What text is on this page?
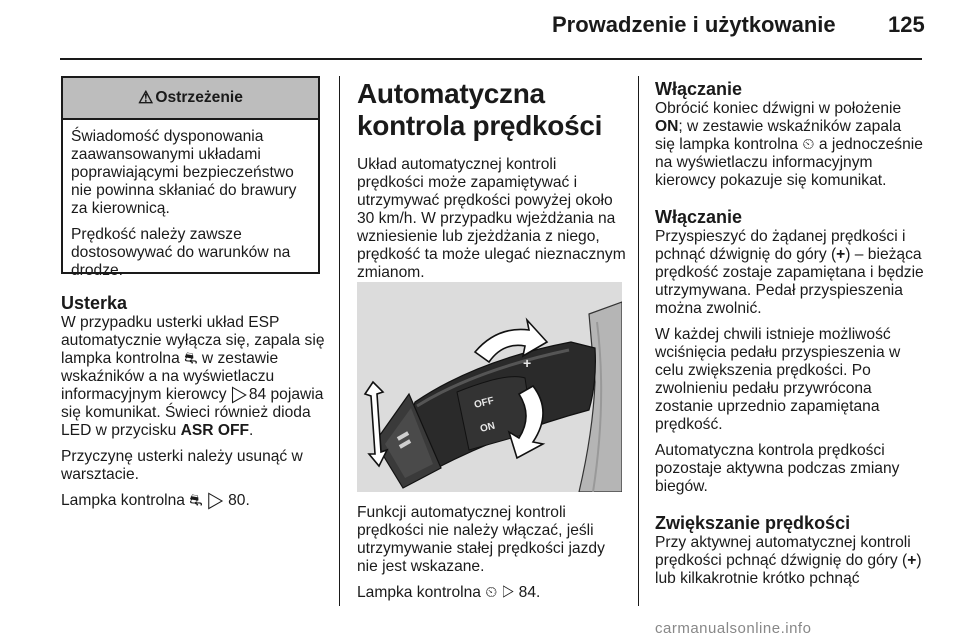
Prowadzenie i użytkowanie 125
⚠ Ostrzeżenie

Świadomość dysponowania zaawansowanymi układami poprawiającymi bezpieczeństwo nie powinna skłaniać do brawury za kierownicą.

Prędkość należy zawsze dostosowywać do warunków na drodze.

Usterka

W przypadku usterki układ ESP automatycznie wyłącza się, zapala się lampka kontrolna ⛐ w zestawie wskaźników a na wyświetlaczu informacyjnym kierowcy ▷ 84 pojawia się komunikat. Świeci również dioda LED w przycisku ASR OFF.

Przyczynę usterki należy usunąć w warsztacie.

Lampka kontrolna ⛐ ▷ 80.

Automatyczna kontrola prędkości

Układ automatycznej kontroli prędkości może zapamiętywać i utrzymywać prędkości powyżej około 30 km/h. W przypadku wjeżdżania na wzniesienie lub zjeżdżania z niego, prędkość ta może ulegać nieznacznym zmianom.

OFF
ON
+

Funkcji automatycznej kontroli prędkości nie należy włączać, jeśli utrzymywanie stałej prędkości jazdy nie jest wskazane.

Lampka kontrolna ⏲ ▷ 84.

Włączanie

Obrócić koniec dźwigni w położenie ON; w zestawie wskaźników zapala się lampka kontrolna ⏲ a jednocześnie na wyświetlaczu informacyjnym kierowcy pokazuje się komunikat.

Włączanie

Przyspieszyć do żądanej prędkości i pchnąć dźwignię do góry (+) – bieżąca prędkość zostaje zapamiętana i będzie utrzymywana. Pedał przyspieszenia można zwolnić.

W każdej chwili istnieje możliwość wciśnięcia pedału przyspieszenia w celu zwiększenia prędkości. Po zwolnieniu pedału przywrócona zostanie uprzednio zapamiętana prędkość.

Automatyczna kontrola prędkości pozostaje aktywna podczas zmiany biegów.

Zwiększanie prędkości

Przy aktywnej automatycznej kontroli prędkości pchnąć dźwignię do góry (+) lub kilkakrotnie krótko pchnąć

carmanualsonline.info
